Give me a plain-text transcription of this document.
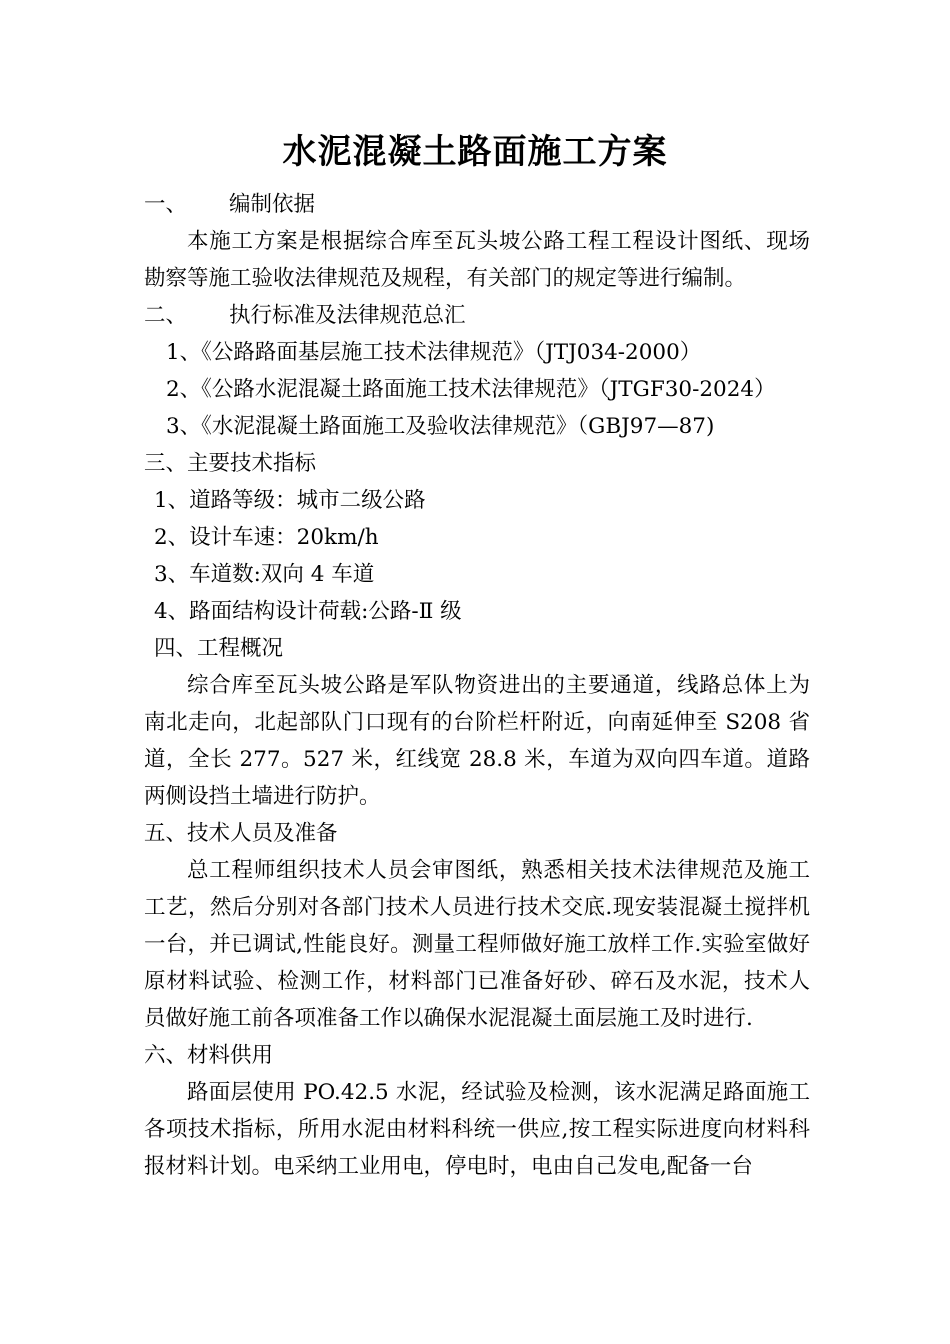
水泥混凝土路面施工方案
一、 编制依据
本施工方案是根据综合库至瓦头坡公路工程工程设计图纸、现场勘察等施工验收法律规范及规程，有关部门的规定等进行编制。
二、 执行标准及法律规范总汇
1、《公路路面基层施工技术法律规范》（JTJ034-2000）
2、《公路水泥混凝土路面施工技术法律规范》（JTGF30-2024）
3、《水泥混凝土路面施工及验收法律规范》（GBJ97—87)
三、主要技术指标
1、道路等级：城市二级公路
2、设计车速：20km/h
3、车道数:双向 4 车道
4、路面结构设计荷载:公路-Ⅱ 级
四、工程概况
综合库至瓦头坡公路是军队物资进出的主要通道，线路总体上为南北走向，北起部队门口现有的台阶栏杆附近，向南延伸至 S208 省道，全长 277。527 米，红线宽 28.8 米，车道为双向四车道。道路两侧设挡土墙进行防护。
五、技术人员及准备
总工程师组织技术人员会审图纸，熟悉相关技术法律规范及施工工艺，然后分别对各部门技术人员进行技术交底.现安装混凝土搅拌机一台，并已调试,性能良好。测量工程师做好施工放样工作.实验室做好原材料试验、检测工作，材料部门已准备好砂、碎石及水泥，技术人员做好施工前各项准备工作以确保水泥混凝土面层施工及时进行.
六、材料供用
路面层使用 PO.42.5 水泥，经试验及检测，该水泥满足路面施工各项技术指标，所用水泥由材料科统一供应,按工程实际进度向材料科报材料计划。电采纳工业用电，停电时，电由自己发电,配备一台
